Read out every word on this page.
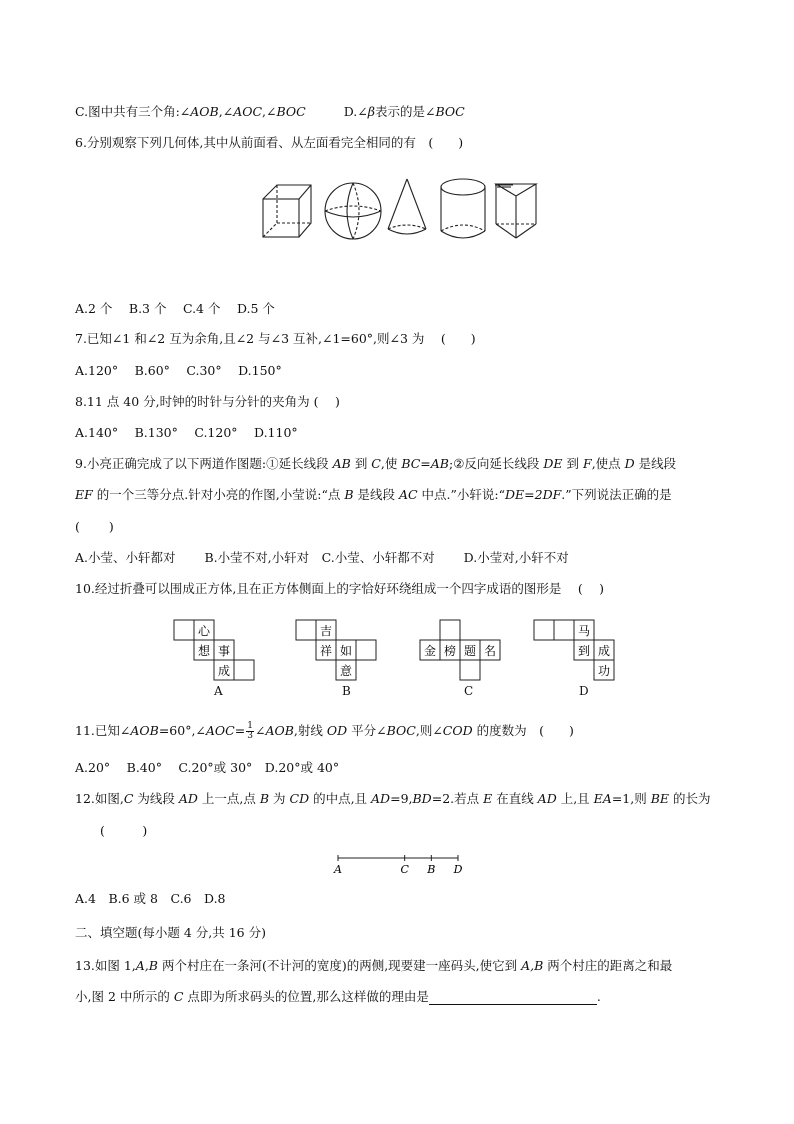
C.图中共有三个角:∠AOB,∠AOC,∠BOC	D.∠β表示的是∠BOC
6.分别观察下列几何体,其中从前面看、从左面看完全相同的有　(　　)
A.2 个　 B.3 个　 C.4 个　 D.5 个
7.已知∠1 和∠2 互为余角,且∠2 与∠3 互补,∠1=60°,则∠3 为　 (　　)
A.120°　 B.60°　 C.30°　 D.150°
8.11 点 40 分,时钟的时针与分针的夹角为 (　 )
A.140°　 B.130°　 C.120°　 D.110°
9.小亮正确完成了以下两道作图题:①延长线段 AB 到 C,使 BC=AB;②反向延长线段 DE 到 F,使点 D 是线段
EF 的一个三等分点.针对小亮的作图,小莹说:“点 B 是线段 AC 中点.”小轩说:“DE=2DF.”下列说法正确的是
(　　 )
A.小莹、小轩都对　　 B.小莹不对,小轩对　C.小莹、小轩都不对　　 D.小莹对,小轩不对
10.经过折叠可以围成正方体,且在正方体侧面上的字恰好环绕组成一个四字成语的图形是　 (　 )
心
想 事
成
A
吉
祥 如
意
B
金 榜 题 名
C
马
到 成
功
D
11.已知∠AOB=60°,∠AOC= $\frac{1}{3}$ ∠AOB,射线 OD 平分∠BOC,则∠COD 的度数为　(　　)
A.20°　 B.40°　 C.20°或 30°　D.20°或 40°
12.如图,C 为线段 AD 上一点,点 B 为 CD 的中点,且 AD=9,BD=2.若点 E 在直线 AD 上,且 EA=1,则 BE 的长为
(　　　)
A	C B D
A.4　B.6 或 8　C.6　D.8
二、填空题(每小题 4 分,共 16 分)
13.如图 1,A,B 两个村庄在一条河(不计河的宽度)的两侧,现要建一座码头,使它到 A,B 两个村庄的距离之和最
小,图 2 中所示的 C 点即为所求码头的位置,那么这样做的理由是	.
